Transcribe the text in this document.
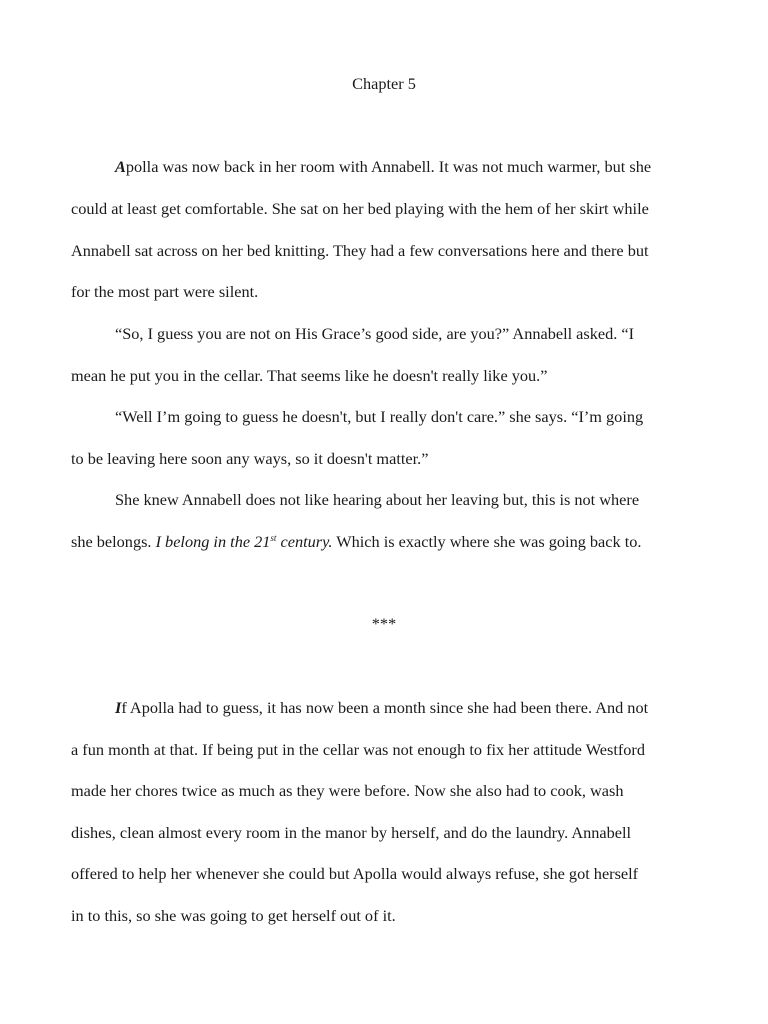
Chapter 5
Apolla was now back in her room with Annabell. It was not much warmer, but she
could at least get comfortable. She sat on her bed playing with the hem of her skirt while
Annabell sat across on her bed knitting. They had a few conversations here and there but
for the most part were silent.
“So, I guess you are not on His Grace’s good side, are you?” Annabell asked. “I
mean he put you in the cellar. That seems like he doesn't really like you.”
“Well I’m going to guess he doesn't, but I really don't care.” she says. “I’m going
to be leaving here soon any ways, so it doesn't matter.”
She knew Annabell does not like hearing about her leaving but, this is not where
she belongs. I belong in the 21st century. Which is exactly where she was going back to.
***
If Apolla had to guess, it has now been a month since she had been there. And not
a fun month at that. If being put in the cellar was not enough to fix her attitude Westford
made her chores twice as much as they were before. Now she also had to cook, wash
dishes, clean almost every room in the manor by herself, and do the laundry. Annabell
offered to help her whenever she could but Apolla would always refuse, she got herself
in to this, so she was going to get herself out of it.
